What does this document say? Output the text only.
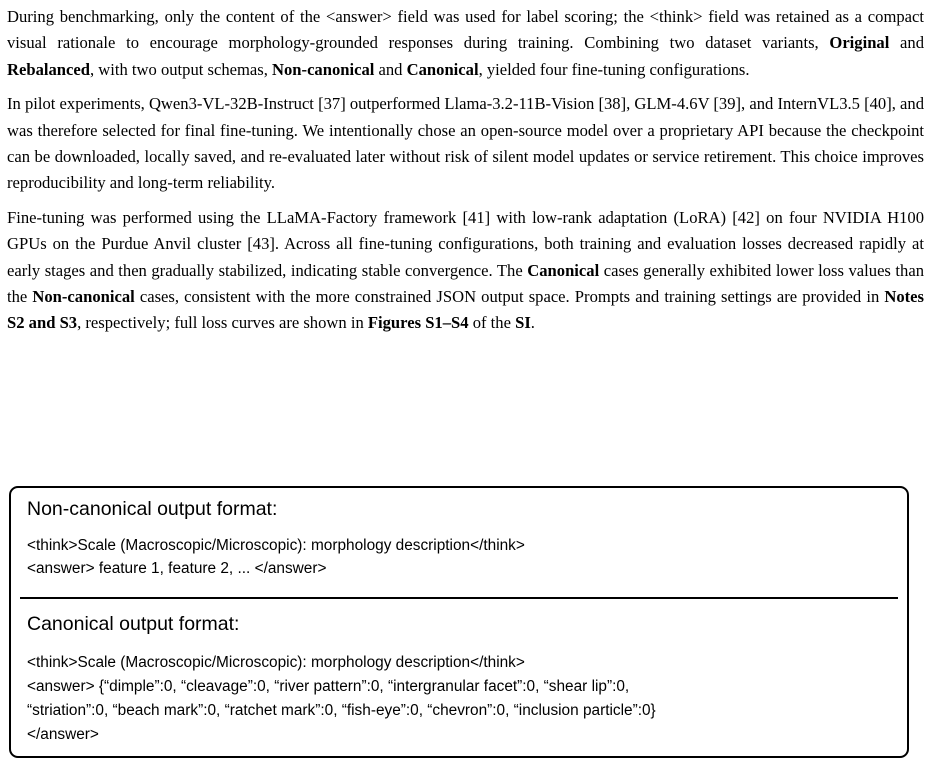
During benchmarking, only the content of the <answer> field was used for label scoring; the <think> field was retained as a compact visual rationale to encourage morphology-grounded responses during training. Combining two dataset variants, Original and Rebalanced, with two output schemas, Non-canonical and Canonical, yielded four fine-tuning configurations.

In pilot experiments, Qwen3-VL-32B-Instruct [37] outperformed Llama-3.2-11B-Vision [38], GLM-4.6V [39], and InternVL3.5 [40], and was therefore selected for final fine-tuning. We intentionally chose an open-source model over a proprietary API because the checkpoint can be downloaded, locally saved, and re-evaluated later without risk of silent model updates or service retirement. This choice improves reproducibility and long-term reliability.

Fine-tuning was performed using the LLaMA-Factory framework [41] with low-rank adaptation (LoRA) [42] on four NVIDIA H100 GPUs on the Purdue Anvil cluster [43]. Across all fine-tuning configurations, both training and evaluation losses decreased rapidly at early stages and then gradually stabilized, indicating stable convergence. The Canonical cases generally exhibited lower loss values than the Non-canonical cases, consistent with the more constrained JSON output space. Prompts and training settings are provided in Notes S2 and S3, respectively; full loss curves are shown in Figures S1–S4 of the SI.

Non-canonical output format:

<think>Scale (Macroscopic/Microscopic): morphology description</think>

<answer> feature 1, feature 2, ... </answer>

Canonical output format:

<think>Scale (Macroscopic/Microscopic): morphology description</think>

<answer> {“dimple”:0, “cleavage”:0, “river pattern”:0, “intergranular facet”:0, “shear lip”:0,

“striation”:0, “beach mark”:0, “ratchet mark”:0, “fish-eye”:0, “chevron”:0, “inclusion particle”:0}

</answer>
